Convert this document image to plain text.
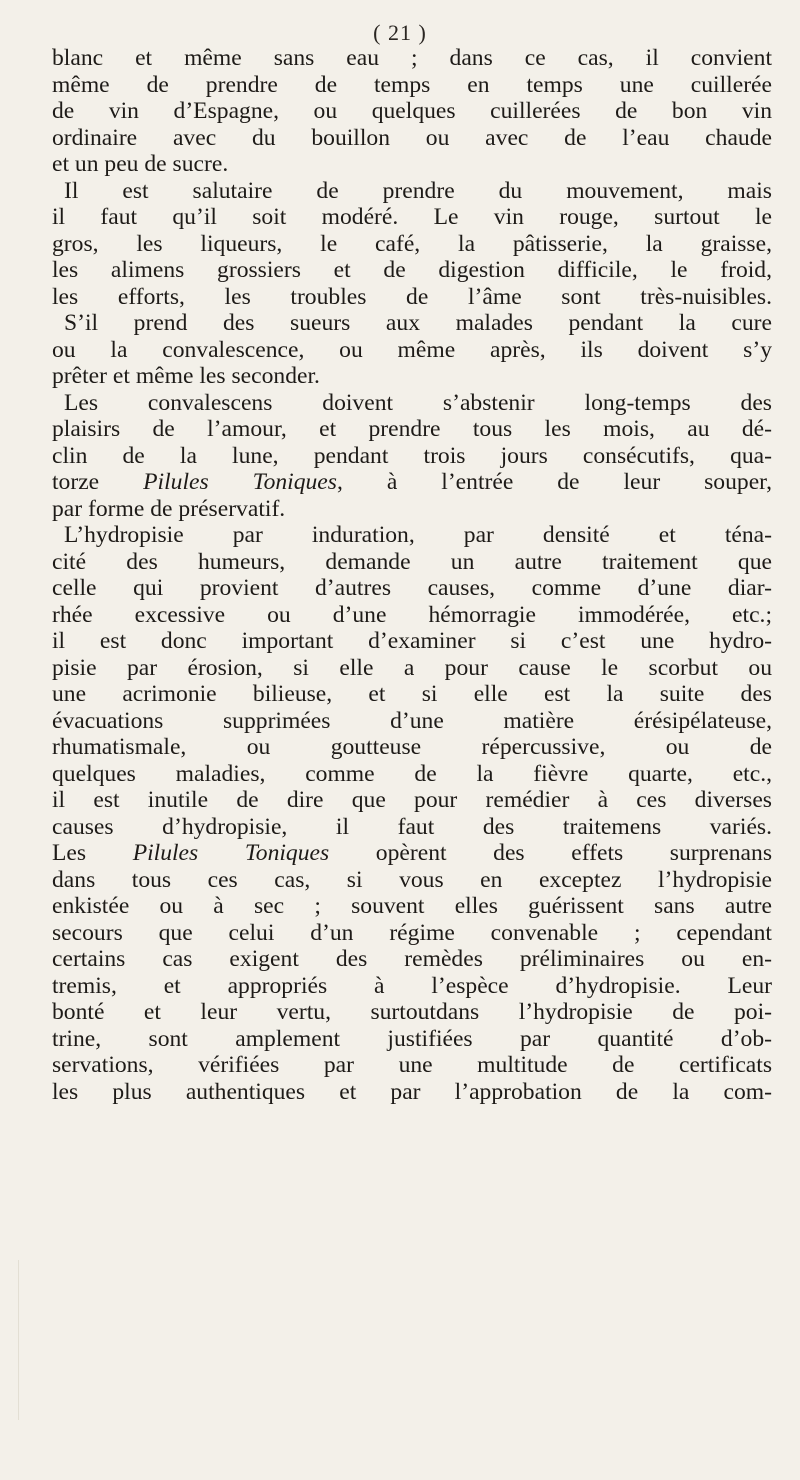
( 21 )
blanc et même sans eau ; dans ce cas, il convient
même de prendre de temps en temps une cuillerée
de vin d’Espagne, ou quelques cuillerées de bon vin
ordinaire avec du bouillon ou avec de l’eau chaude
et un peu de sucre.
Il est salutaire de prendre du mouvement, mais
il faut qu’il soit modéré. Le vin rouge, surtout le
gros, les liqueurs, le café, la pâtisserie, la graisse,
les alimens grossiers et de digestion difficile, le froid,
les efforts, les troubles de l’âme sont très-nuisibles.
S’il prend des sueurs aux malades pendant la cure
ou la convalescence, ou même après, ils doivent s’y
prêter et même les seconder.
Les convalescens doivent s’abstenir long-temps des
plaisirs de l’amour, et prendre tous les mois, au dé-
clin de la lune, pendant trois jours consécutifs, qua-
torze Pilules Toniques, à l’entrée de leur souper,
par forme de préservatif.
L’hydropisie par induration, par densité et téna-
cité des humeurs, demande un autre traitement que
celle qui provient d’autres causes, comme d’une diar-
rhée excessive ou d’une hémorragie immodérée, etc.;
il est donc important d’examiner si c’est une hydro-
pisie par érosion, si elle a pour cause le scorbut ou
une acrimonie bilieuse, et si elle est la suite des
évacuations supprimées d’une matière érésipélateuse,
rhumatismale, ou goutteuse répercussive, ou de
quelques maladies, comme de la fièvre quarte, etc.,
il est inutile de dire que pour remédier à ces diverses
causes d’hydropisie, il faut des traitemens variés.
Les Pilules Toniques opèrent des effets surprenans
dans tous ces cas, si vous en exceptez l’hydropisie
enkistée ou à sec ; souvent elles guérissent sans autre
secours que celui d’un régime convenable ; cependant
certains cas exigent des remèdes préliminaires ou en-
tremis, et appropriés à l’espèce d’hydropisie. Leur
bonté et leur vertu, surtoutdans l’hydropisie de poi-
trine, sont amplement justifiées par quantité d’ob-
servations, vérifiées par une multitude de certificats
les plus authentiques et par l’approbation de la com-
